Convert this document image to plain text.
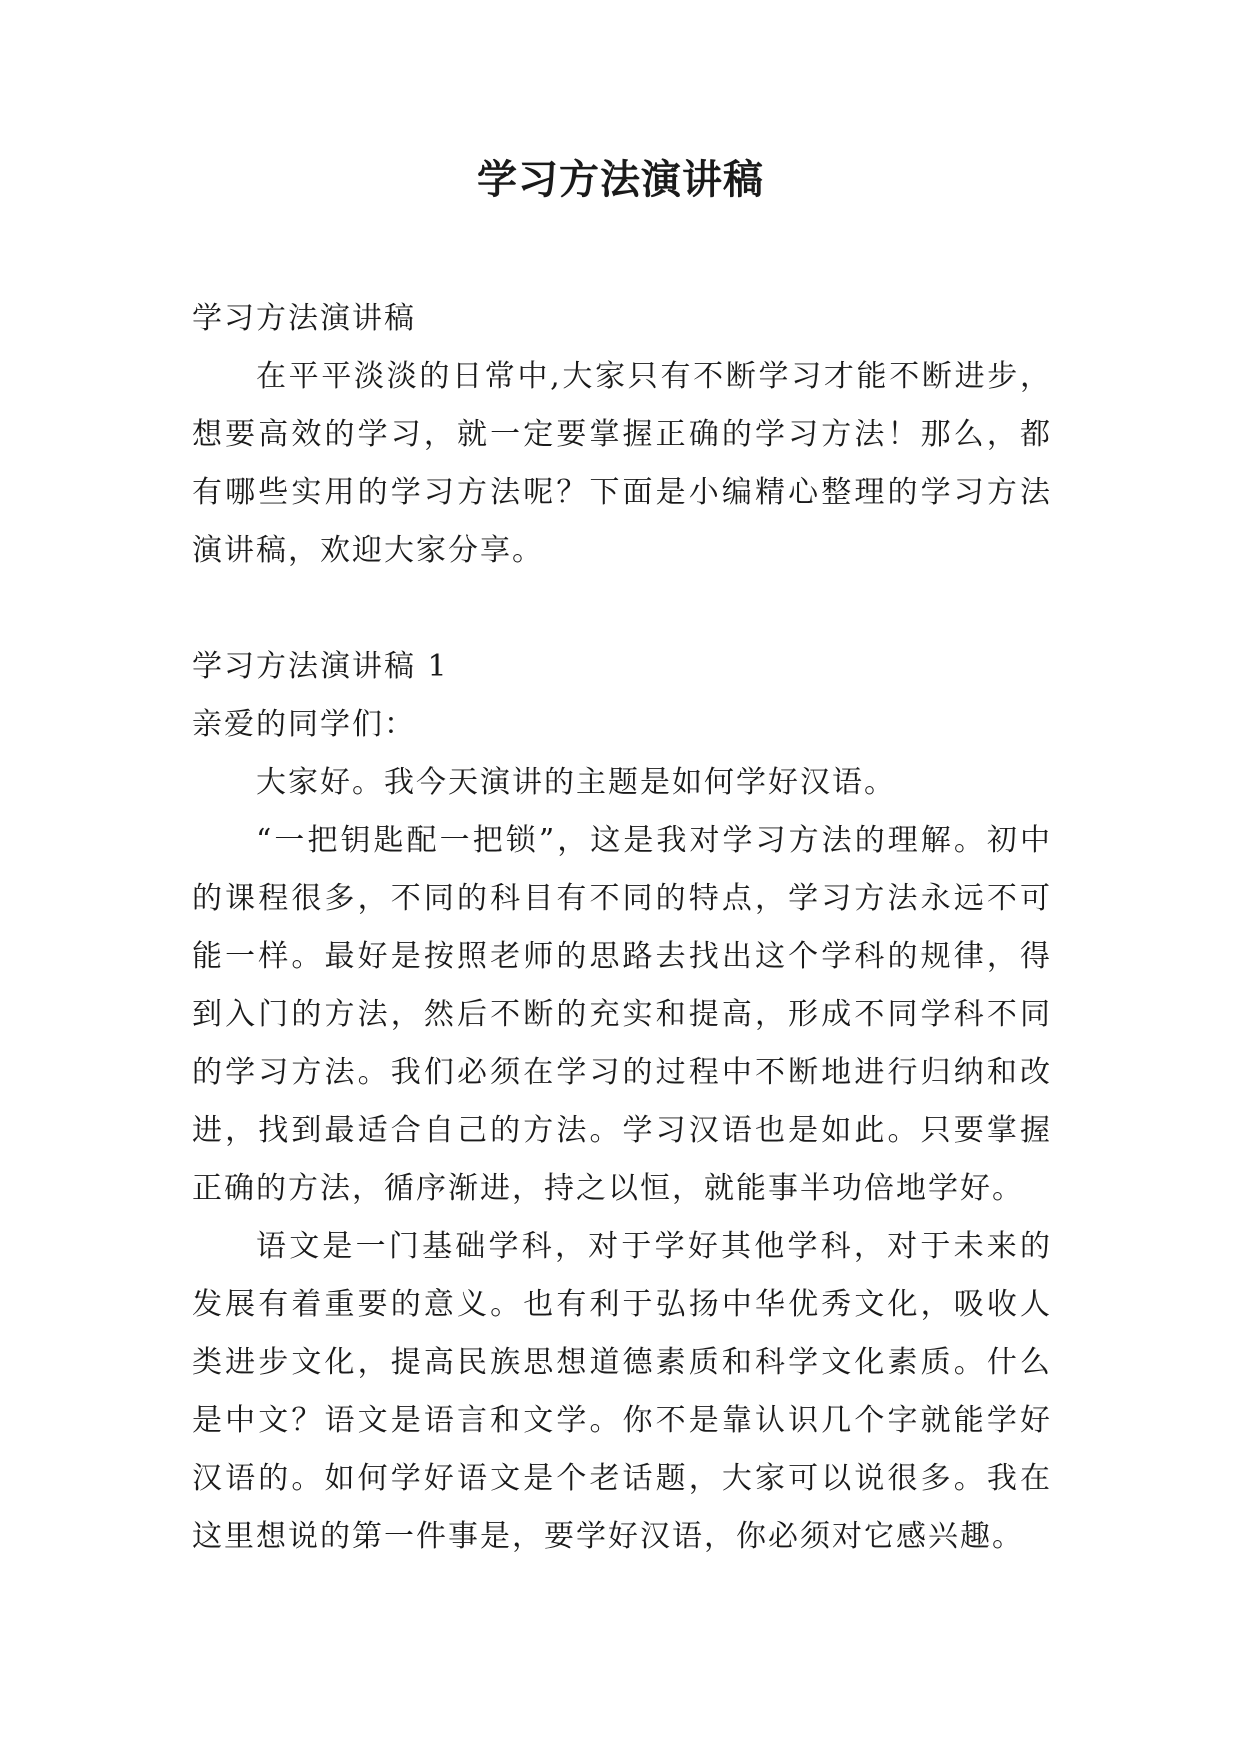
学习方法演讲稿

学习方法演讲稿

在平平淡淡的日常中,大家只有不断学习才能不断进步，想要高效的学习，就一定要掌握正确的学习方法！那么，都有哪些实用的学习方法呢？下面是小编精心整理的学习方法演讲稿，欢迎大家分享。

学习方法演讲稿 1

亲爱的同学们：

大家好。我今天演讲的主题是如何学好汉语。

“一把钥匙配一把锁”，这是我对学习方法的理解。初中的课程很多，不同的科目有不同的特点，学习方法永远不可能一样。最好是按照老师的思路去找出这个学科的规律，得到入门的方法，然后不断的充实和提高，形成不同学科不同的学习方法。我们必须在学习的过程中不断地进行归纳和改进，找到最适合自己的方法。学习汉语也是如此。只要掌握正确的方法，循序渐进，持之以恒，就能事半功倍地学好。

语文是一门基础学科，对于学好其他学科，对于未来的发展有着重要的意义。也有利于弘扬中华优秀文化，吸收人类进步文化，提高民族思想道德素质和科学文化素质。什么是中文？语文是语言和文学。你不是靠认识几个字就能学好汉语的。如何学好语文是个老话题，大家可以说很多。我在这里想说的第一件事是，要学好汉语，你必须对它感兴趣。
